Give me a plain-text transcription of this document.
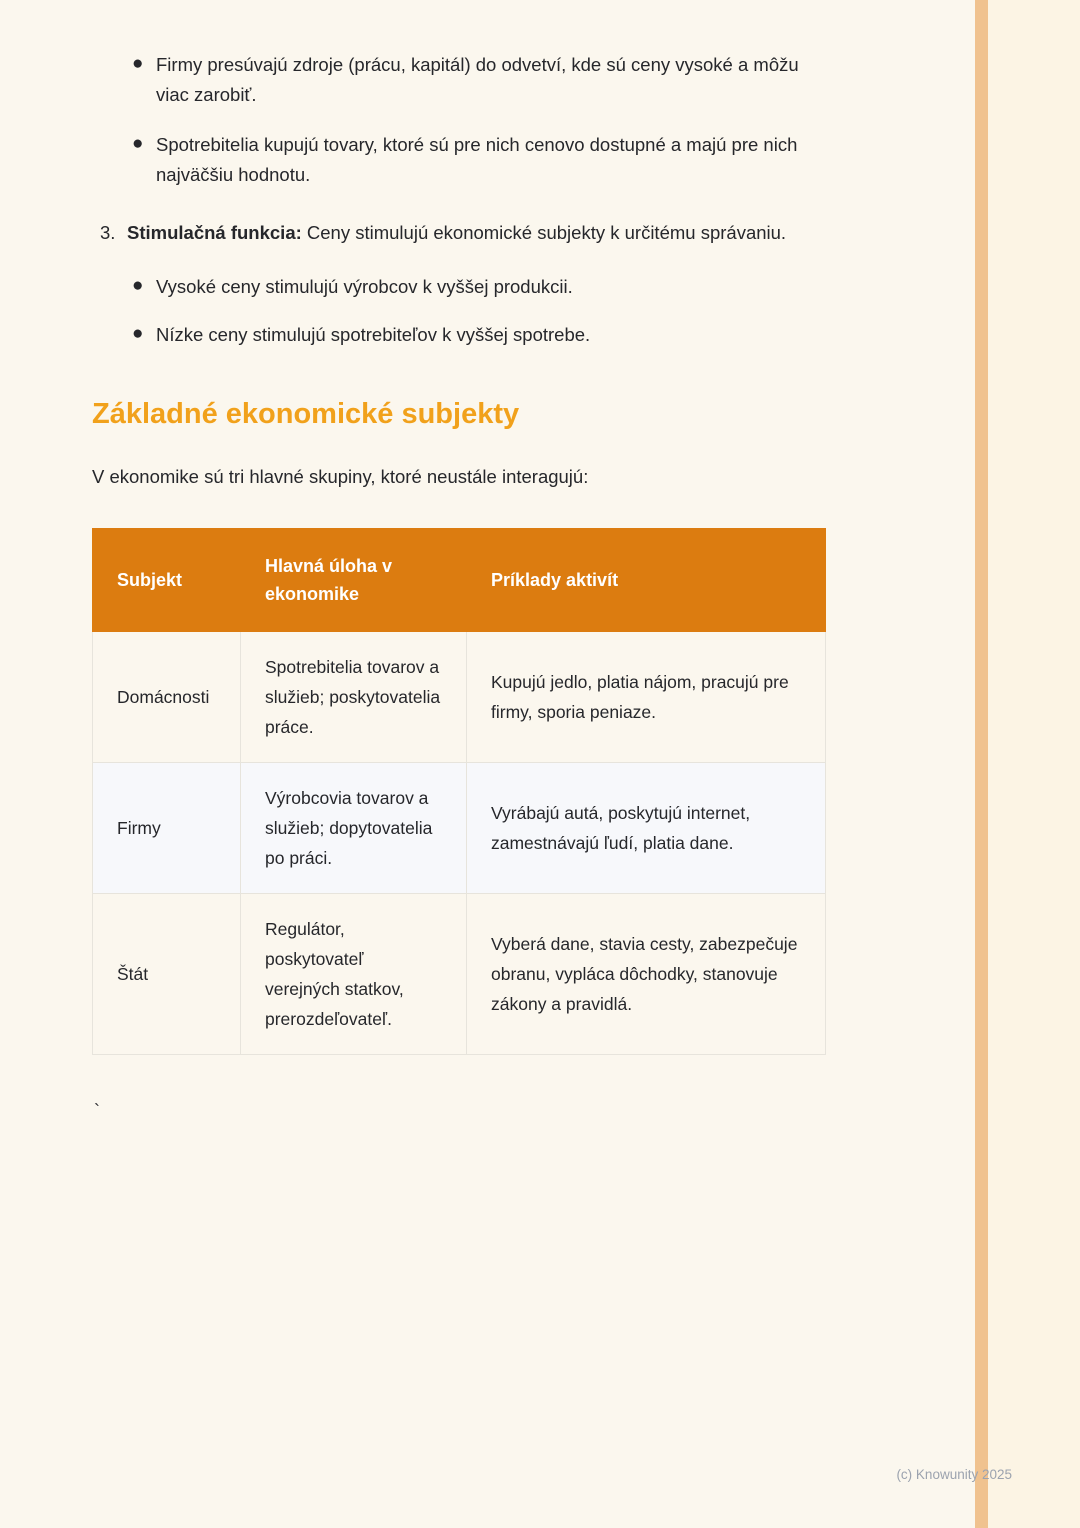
● Firmy presúvajú zdroje (prácu, kapitál) do odvetví, kde sú ceny vysoké a môžu viac zarobiť.
● Spotrebitelia kupujú tovary, ktoré sú pre nich cenovo dostupné a majú pre nich najväčšiu hodnotu.
3. Stimulačná funkcia: Ceny stimulujú ekonomické subjekty k určitému správaniu.
● Vysoké ceny stimulujú výrobcov k vyššej produkcii.
● Nízke ceny stimulujú spotrebiteľov k vyššej spotrebe.
Základné ekonomické subjekty

V ekonomike sú tri hlavné skupiny, ktoré neustále interagujú:

Subjekt	Hlavná úloha v ekonomike	Príklady aktivít
Domácnosti	Spotrebitelia tovarov a služieb; poskytovatelia práce.	Kupujú jedlo, platia nájom, pracujú pre firmy, sporia peniaze.
Firmy	Výrobcovia tovarov a služieb; dopytovatelia po práci.	Vyrábajú autá, poskytujú internet, zamestnávajú ľudí, platia dane.
Štát	Regulátor, poskytovateľ verejných statkov, prerozdeľovateľ.	Vyberá dane, stavia cesty, zabezpečuje obranu, vypláca dôchodky, stanovuje zákony a pravidlá.
`
(c) Knowunity 2025
